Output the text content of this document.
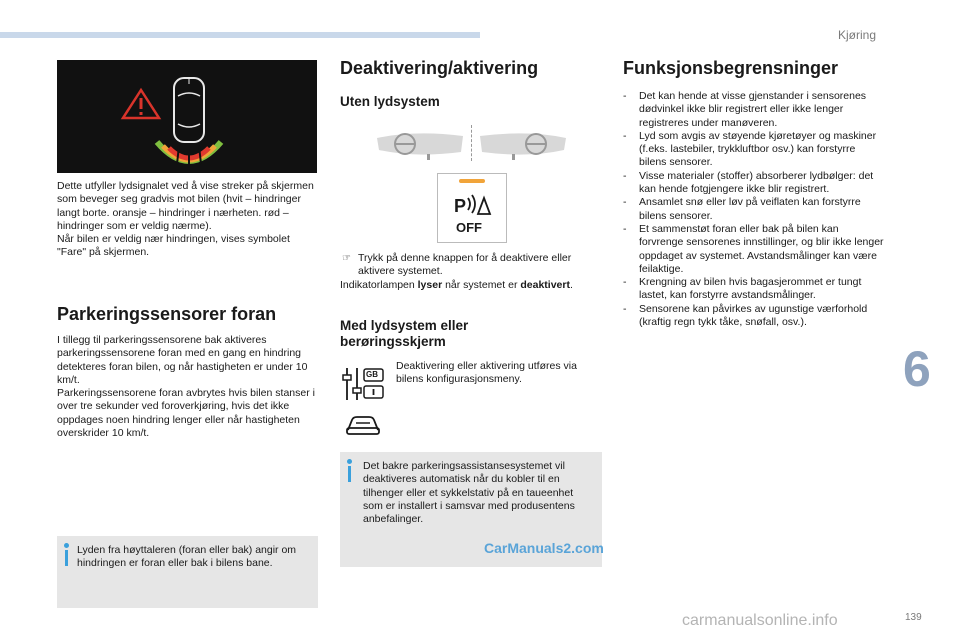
Kjøring

Dette utfyller lydsignalet ved å vise streker på skjermen som beveger seg gradvis mot bilen (hvit – hindringer langt borte. oransje – hindringer i nærheten. rød – hindringer som er veldig nærme).
Når bilen er veldig nær hindringen, vises symbolet "Fare" på skjermen.

Parkeringssensorer foran

I tillegg til parkeringssensorene bak aktiveres parkeringssensorene foran med en gang en hindring detekteres foran bilen, og når hastigheten er under 10 km/t.
Parkeringssensorene foran avbrytes hvis bilen stanser i over tre sekunder ved foroverkjøring, hvis det ikke oppdages noen hindring lenger eller når hastigheten overskrider 10 km/t.

Lyden fra høyttaleren (foran eller bak) angir om hindringen er foran eller bak i bilens bane.

Deaktivering/aktivering
Uten lydsystem
P
OFF
☞ Trykk på denne knappen for å deaktivere eller aktivere systemet.

Indikatorlampen lyser når systemet er deaktivert.

Med lydsystem eller berøringsskjerm
GB

Deaktivering eller aktivering utføres via bilens konfigurasjonsmeny.

Det bakre parkeringsassistansesystemet vil deaktiveres automatisk når du kobler til en tilhenger eller et sykkelstativ på en taueenhet som er installert i samsvar med produsentens anbefalinger.

CarManuals2.com
Funksjonsbegrensninger
- Det kan hende at visse gjenstander i sensorenes dødvinkel ikke blir registrert eller ikke lenger registreres under manøveren.
- Lyd som avgis av støyende kjøretøyer og maskiner (f.eks. lastebiler, trykkluftbor osv.) kan forstyrre bilens sensorer.
- Visse materialer (stoffer) absorberer lydbølger: det kan hende fotgjengere ikke blir registrert.
- Ansamlet snø eller løv på veiflaten kan forstyrre bilens sensorer.
- Et sammenstøt foran eller bak på bilen kan forvrenge sensorenes innstillinger, og blir ikke lenger oppdaget av systemet. Avstandsmålinger kan være feilaktige.
- Krengning av bilen hvis bagasjerommet er tungt lastet, kan forstyrre avstandsmålinger.
- Sensorene kan påvirkes av ugunstige værforhold (kraftig regn tykk tåke, snøfall, osv.).
6
carmanualsonline.info	139
